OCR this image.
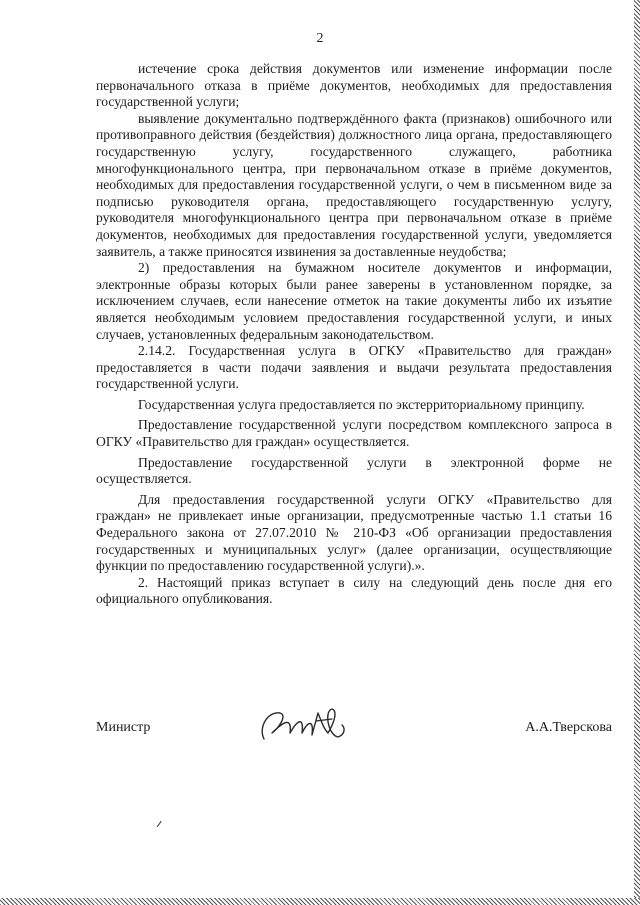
2

истечение срока действия документов или изменение информации после первоначального отказа в приёме документов, необходимых для предоставления государственной услуги;

выявление документально подтверждённого факта (признаков) ошибочного или противоправного действия (бездействия) должностного лица органа, предоставляющего государственную услугу, государственного служащего, работника многофункционального центра, при первоначальном отказе в приёме документов, необходимых для предоставления государственной услуги, о чем в письменном виде за подписью руководителя органа, предоставляющего государственную услугу, руководителя многофункционального центра при первоначальном отказе в приёме документов, необходимых для предоставления государственной услуги, уведомляется заявитель, а также приносятся извинения за доставленные неудобства;

2) предоставления на бумажном носителе документов и информации, электронные образы которых были ранее заверены в установленном порядке, за исключением случаев, если нанесение отметок на такие документы либо их изъятие является необходимым условием предоставления государственной услуги, и иных случаев, установленных федеральным законодательством.

2.14.2. Государственная услуга в ОГКУ «Правительство для граждан» предоставляется в части подачи заявления и выдачи результата предоставления государственной услуги.

Государственная услуга предоставляется по экстерриториальному принципу.

Предоставление государственной услуги посредством комплексного запроса в ОГКУ «Правительство для граждан» осуществляется.

Предоставление государственной услуги в электронной форме не осуществляется.

Для предоставления государственной услуги ОГКУ «Правительство для граждан» не привлекает иные организации, предусмотренные частью 1.1 статьи 16 Федерального закона от 27.07.2010 № 210-ФЗ «Об организации предоставления государственных и муниципальных услуг» (далее организации, осуществляющие функции по предоставлению государственной услуги).».

2. Настоящий приказ вступает в силу на следующий день после дня его официального опубликования.

Министр	А.А.Тверскова
